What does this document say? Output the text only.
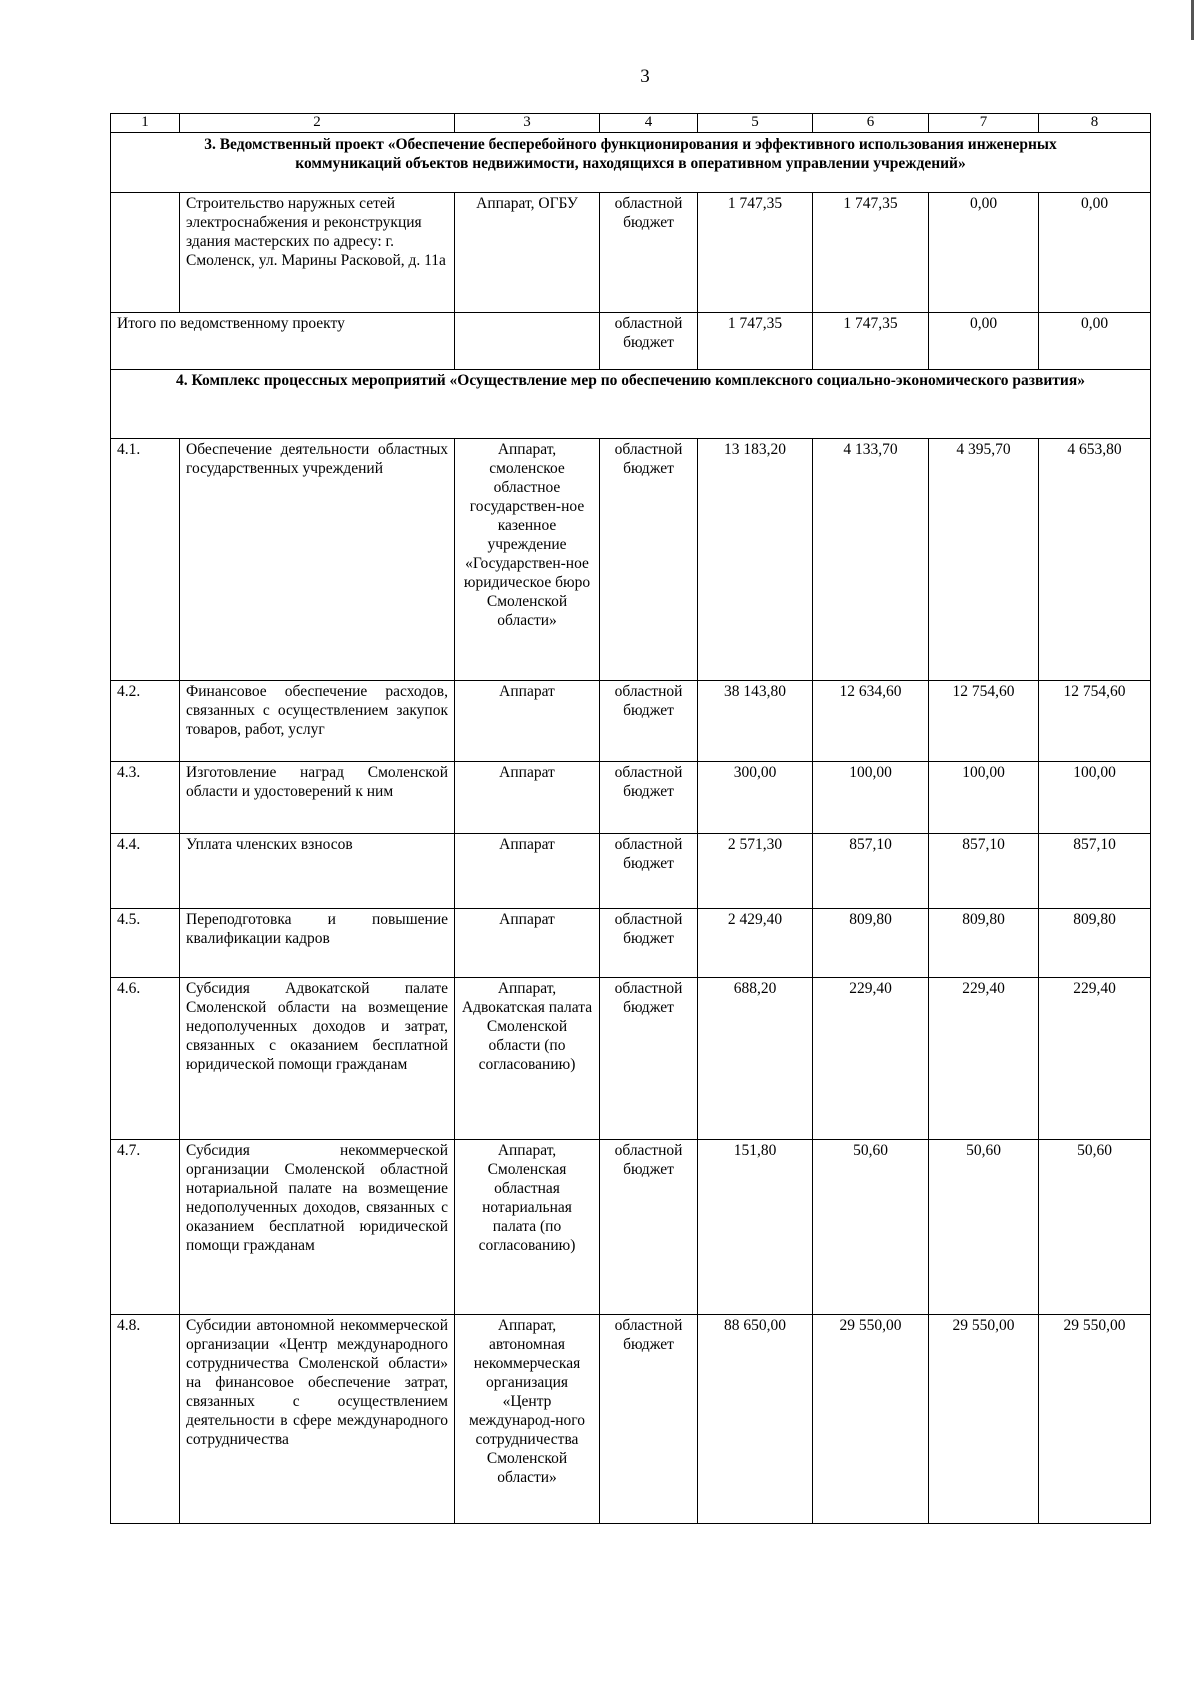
3
1	2	3	4	5	6	7	8
3. Ведомственный проект «Обеспечение бесперебойного функционирования и эффективного использования инженерных коммуникаций объектов недвижимости, находящихся в оперативном управлении учреждений»							
	Строительство наружных сетей электроснабжения и реконструкция здания мастерских по адресу: г. Смоленск, ул. Марины Расковой, д. 11а	Аппарат, ОГБУ	областной бюджет	1 747,35	1 747,35	0,00	0,00
Итого по ведомственному проекту			областной бюджет	1 747,35	1 747,35	0,00	0,00
4. Комплекс процессных мероприятий «Осуществление мер по обеспечению комплексного социально-экономического развития»							
4.1.	Обеспечение деятельности областных государственных учреждений	Аппарат, смоленское областное государствен-ное казенное учреждение «Государствен-ное юридическое бюро Смоленской области»	областной бюджет	13 183,20	4 133,70	4 395,70	4 653,80
4.2.	Финансовое обеспечение расходов, связанных с осуществлением закупок товаров, работ, услуг	Аппарат	областной бюджет	38 143,80	12 634,60	12 754,60	12 754,60
4.3.	Изготовление наград Смоленской области и удостоверений к ним	Аппарат	областной бюджет	300,00	100,00	100,00	100,00
4.4.	Уплата членских взносов	Аппарат	областной бюджет	2 571,30	857,10	857,10	857,10
4.5.	Переподготовка и повышение квалификации кадров	Аппарат	областной бюджет	2 429,40	809,80	809,80	809,80
4.6.	Субсидия Адвокатской палате Смоленской области на возмещение недополученных доходов и затрат, связанных с оказанием бесплатной юридической помощи гражданам	Аппарат, Адвокатская палата Смоленской области (по согласованию)	областной бюджет	688,20	229,40	229,40	229,40
4.7.	Субсидия некоммерческой организации Смоленской областной нотариальной палате на возмещение недополученных доходов, связанных с оказанием бесплатной юридической помощи гражданам	Аппарат, Смоленская областная нотариальная палата (по согласованию)	областной бюджет	151,80	50,60	50,60	50,60
4.8.	Субсидии автономной некоммерческой организации «Центр международного сотрудничества Смоленской области» на финансовое обеспечение затрат, связанных с осуществлением деятельности в сфере международного сотрудничества	Аппарат, автономная некоммерческая организация «Центр международ-ного сотрудничества Смоленской области»	областной бюджет	88 650,00	29 550,00	29 550,00	29 550,00
